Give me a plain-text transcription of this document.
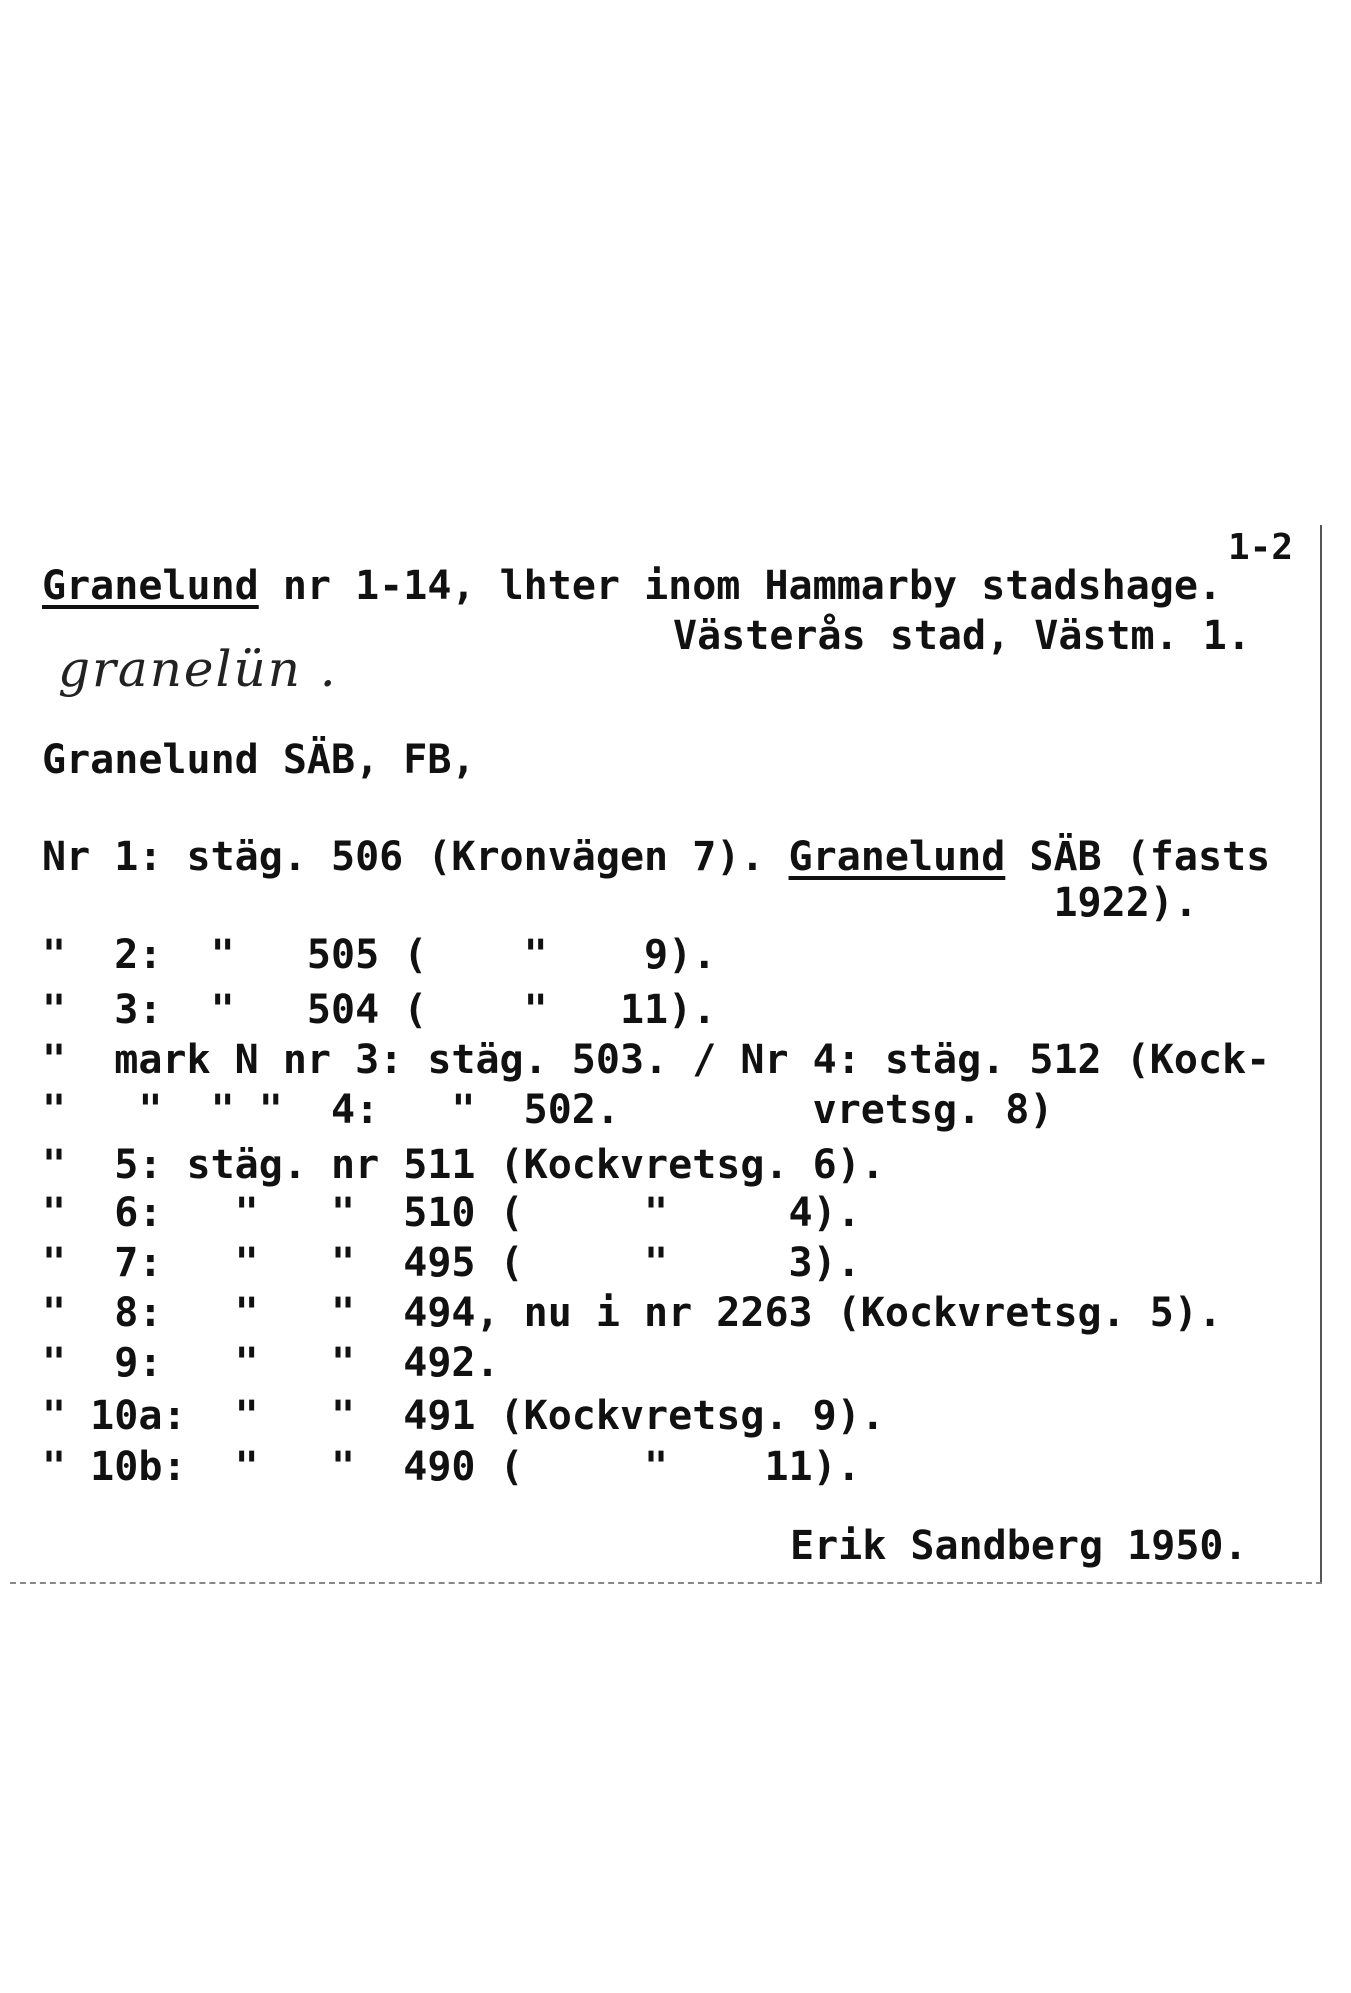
1-2
Granelund nr 1-14, lhter inom Hammarby stadshage.
Västerås stad, Västm. 1.
granelün .
Granelund SÄB, FB,
Nr 1: stäg. 506 (Kronvägen 7). Granelund SÄB (fasts
1922).
"  2:  "   505 (    "    9).
"  3:  "   504 (    "   11).
"  mark N nr 3: stäg. 503. / Nr 4: stäg. 512 (Kock-
"   "  " "  4:   "  502.        vretsg. 8)
"  5: stäg. nr 511 (Kockvretsg. 6).
"  6:   "   "  510 (     "     4).
"  7:   "   "  495 (     "     3).
"  8:   "   "  494, nu i nr 2263 (Kockvretsg. 5).
"  9:   "   "  492.
" 10a:  "   "  491 (Kockvretsg. 9).
" 10b:  "   "  490 (     "    11).
Erik Sandberg 1950.
